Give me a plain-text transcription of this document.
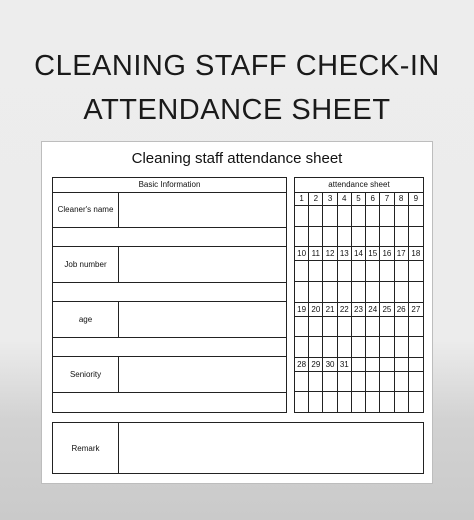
CLEANING STAFF CHECK-IN
ATTENDANCE SHEET
Cleaning staff attendance sheet
Basic Information
Cleaner's name
Job number
age
Seniority
attendance sheet
1	2	3	4	5	6	7	8	9
10 11 12 13 14 15 16 17 18
19 20 21 22 23 24 25 26 27
28 29 30 31
Remark
